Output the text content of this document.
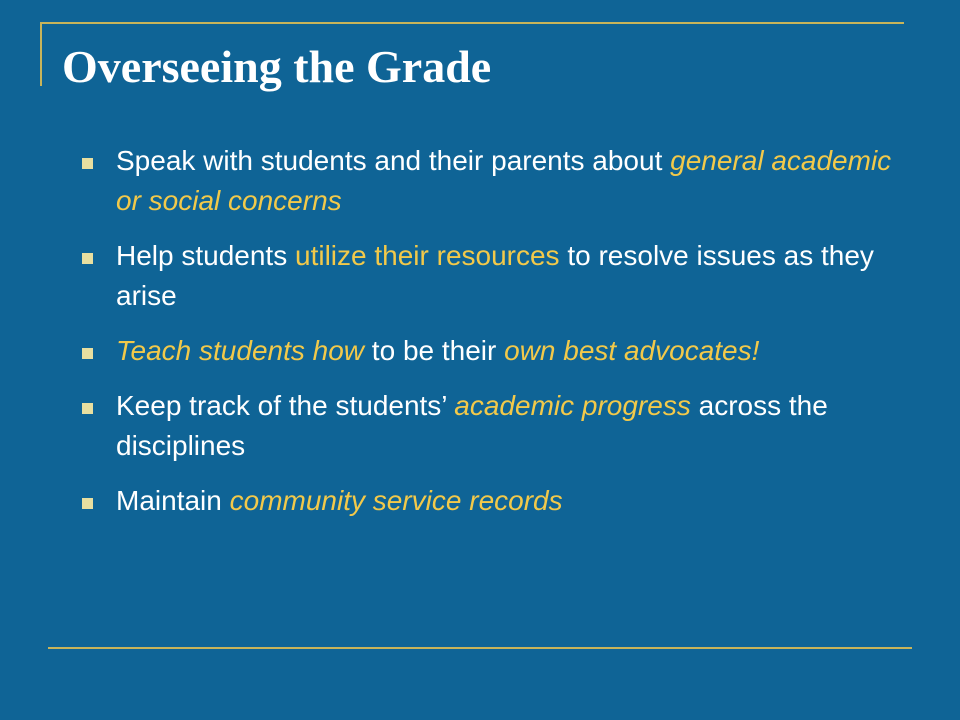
Overseeing the Grade
Speak with students and their parents about general academic or social concerns
Help students utilize their resources to resolve issues as they arise
Teach students how to be their own best advocates!
Keep track of the students’ academic progress across the disciplines
Maintain community service records
